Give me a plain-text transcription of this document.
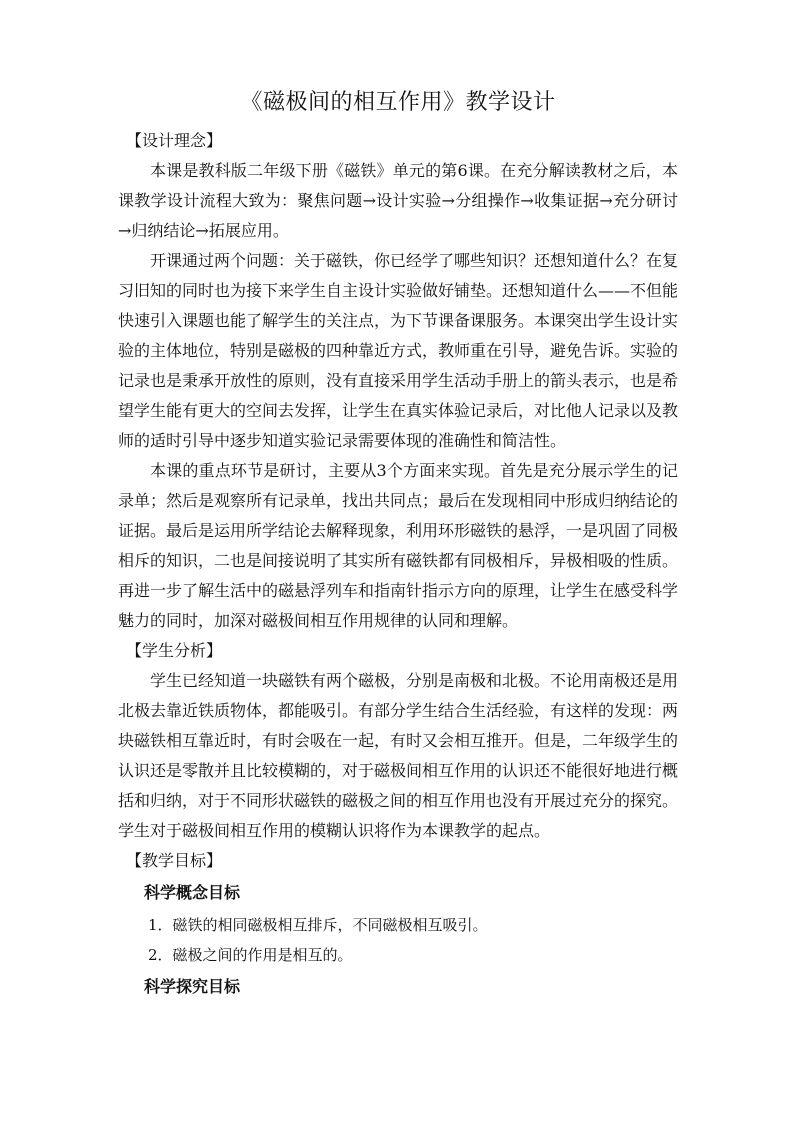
《磁极间的相互作用》教学设计
【设计理念】

本课是教科版二年级下册《磁铁》单元的第6课。在充分解读教材之后，本课教学设计流程大致为：聚焦问题→设计实验→分组操作→收集证据→充分研讨→归纳结论→拓展应用。

开课通过两个问题：关于磁铁，你已经学了哪些知识？还想知道什么？在复习旧知的同时也为接下来学生自主设计实验做好铺垫。还想知道什么——不但能快速引入课题也能了解学生的关注点，为下节课备课服务。本课突出学生设计实验的主体地位，特别是磁极的四种靠近方式，教师重在引导，避免告诉。实验的记录也是秉承开放性的原则，没有直接采用学生活动手册上的箭头表示，也是希望学生能有更大的空间去发挥，让学生在真实体验记录后，对比他人记录以及教师的适时引导中逐步知道实验记录需要体现的准确性和简洁性。

本课的重点环节是研讨，主要从3个方面来实现。首先是充分展示学生的记录单；然后是观察所有记录单，找出共同点；最后在发现相同中形成归纳结论的证据。最后是运用所学结论去解释现象，利用环形磁铁的悬浮，一是巩固了同极相斥的知识，二也是间接说明了其实所有磁铁都有同极相斥，异极相吸的性质。再进一步了解生活中的磁悬浮列车和指南针指示方向的原理，让学生在感受科学魅力的同时，加深对磁极间相互作用规律的认同和理解。

【学生分析】

学生已经知道一块磁铁有两个磁极，分别是南极和北极。不论用南极还是用北极去靠近铁质物体，都能吸引。有部分学生结合生活经验，有这样的发现：两块磁铁相互靠近时，有时会吸在一起，有时又会相互推开。但是，二年级学生的认识还是零散并且比较模糊的，对于磁极间相互作用的认识还不能很好地进行概括和归纳，对于不同形状磁铁的磁极之间的相互作用也没有开展过充分的探究。学生对于磁极间相互作用的模糊认识将作为本课教学的起点。

【教学目标】

科学概念目标

1．磁铁的相同磁极相互排斥，不同磁极相互吸引。

2．磁极之间的作用是相互的。

科学探究目标
